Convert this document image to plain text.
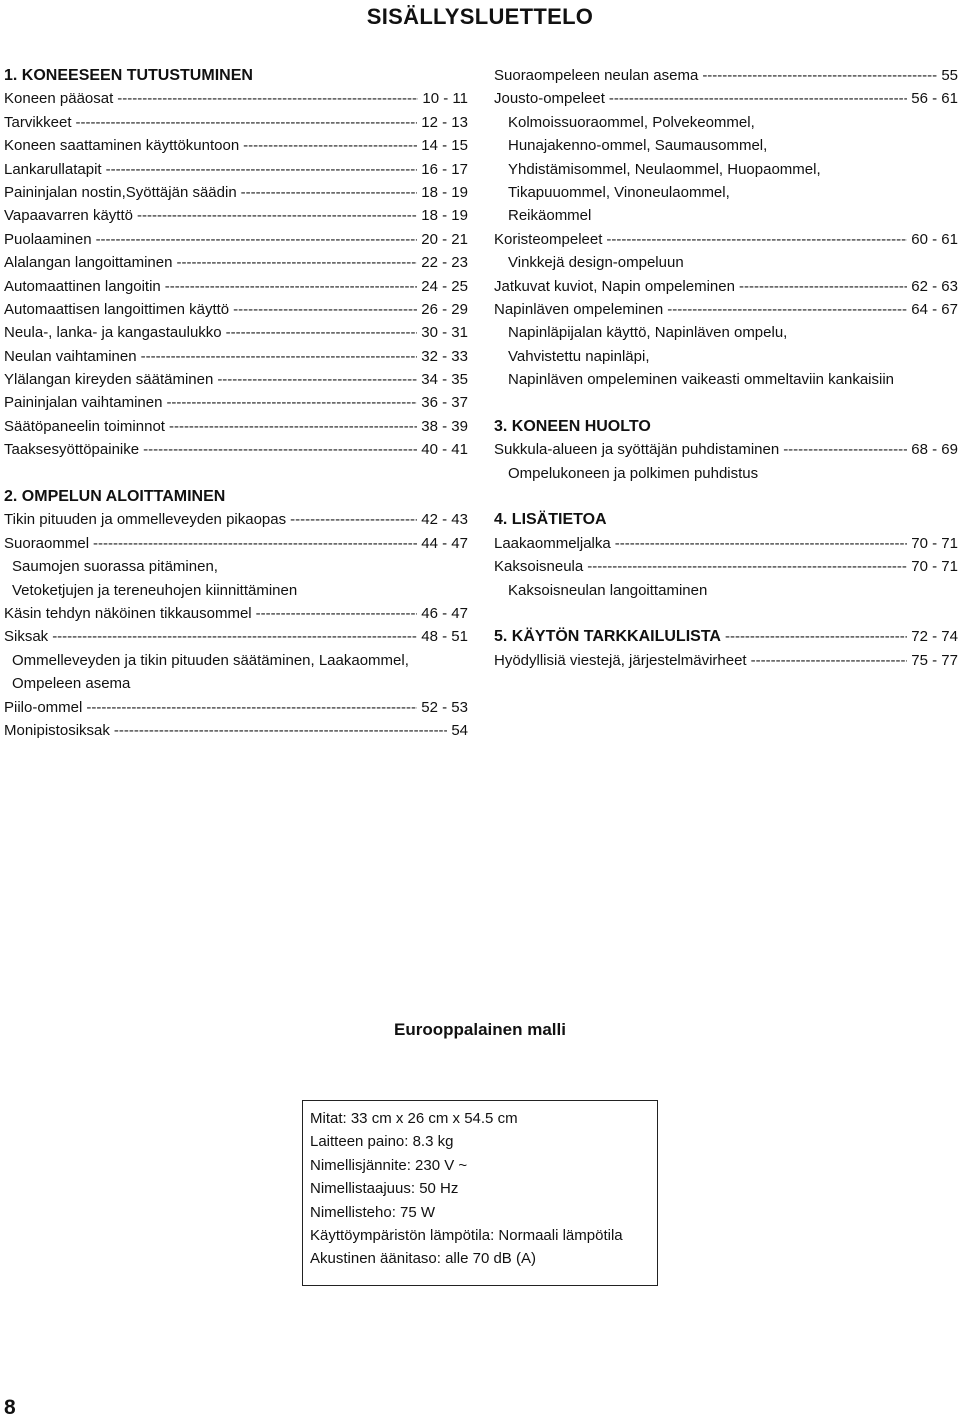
SISÄLLYSLUETTELO
1. KONEESEEN TUTUSTUMINEN
Koneen pääosat -----	10 - 11
Tarvikkeet -----	12 - 13
Koneen saattaminen käyttökuntoon -----	14 - 15
Lankarullatapit -----	16 - 17
Paininjalan nostin,Syöttäjän säädin -----	18 - 19
Vapaavarren käyttö -----	18 - 19
Puolaaminen -----	20 - 21
Alalangan langoittaminen -----	22 - 23
Automaattinen langoitin -----	24 - 25
Automaattisen langoittimen käyttö -----	26 - 29
Neula-, lanka- ja kangastaulukko -----	30 - 31
Neulan vaihtaminen -----	32 - 33
Ylälangan kireyden säätäminen -----	34 - 35
Paininjalan vaihtaminen -----	36 - 37
Säätöpaneelin toiminnot -----	38 - 39
Taaksesyöttöpainike -----	40 - 41
2. OMPELUN ALOITTAMINEN
Tikin pituuden ja ommelleveyden pikaopas -----	42 - 43
Suoraommel -----	44 - 47
Saumojen suorassa pitäminen,
Vetoketjujen ja tereneuhojen kiinnittäminen
Käsin tehdyn näköinen tikkausommel -----	46 - 47
Siksak -----	48 - 51
Ommelleveyden ja tikin pituuden säätäminen, Laakaommel,
Ompeleen asema
Piilo-ommel -----	52 - 53
Monipistosiksak -----	54
Suoraompeleen neulan asema -----	55
Jousto-ompeleet -----	56 - 61
Kolmoissuoraommel, Polvekeommel,
Hunajakenno-ommel, Saumausommel,
Yhdistämisommel, Neulaommel, Huopaommel,
Tikapuuommel, Vinoneulaommel,
Reikäommel
Koristeompeleet -----	60 - 61
Vinkkejä design-ompeluun
Jatkuvat kuviot, Napin ompeleminen -----	62 - 63
Napinläven ompeleminen -----	64 - 67
Napinläpijalan käyttö, Napinläven ompelu,
Vahvistettu napinläpi,
Napinläven ompeleminen vaikeasti ommeltaviin kankaisiin
3. KONEEN HUOLTO
Sukkula-alueen ja syöttäjän puhdistaminen -----	68 - 69
Ompelukoneen ja polkimen puhdistus
4. LISÄTIETOA
Laakaommeljalka -----	70 - 71
Kaksoisneula -----	70 - 71
Kaksoisneulan langoittaminen
5. KÄYTÖN TARKKAILULISTA -----	72 - 74
Hyödyllisiä viestejä, järjestelmävirheet -----	75 - 77
Eurooppalainen malli
Mitat: 33 cm x 26 cm x 54.5 cm
Laitteen paino: 8.3 kg
Nimellisjännite: 230 V ~
Nimellistaajuus: 50 Hz
Nimellisteho: 75 W
Käyttöympäristön lämpötila: Normaali lämpötila
Akustinen äänitaso: alle 70 dB (A)
8
